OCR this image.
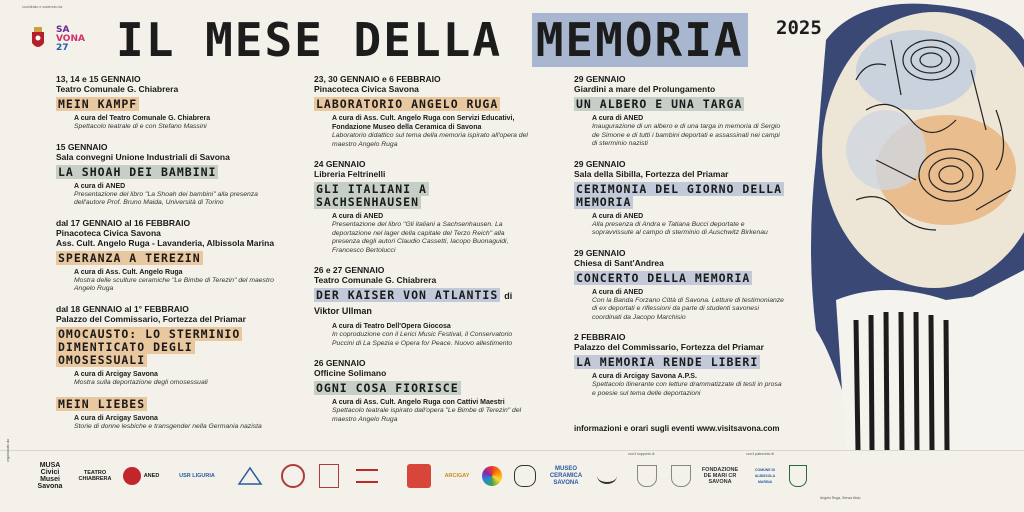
coordinato e sostenuto da
SA
VONA
27	IL MESE DELLA MEMORIA 2025
13, 14 e 15 GENNAIO
Teatro Comunale G. Chiabrera
MEIN KAMPF
A cura del Teatro Comunale G. Chiabrera
Spettacolo teatrale di e con Stefano Massini
15 GENNAIO
Sala convegni Unione Industriali di Savona
LA SHOAH DEI BAMBINI
A cura di ANED
Presentazione del libro "La Shoah dei bambini" alla presenza dell'autore Prof. Bruno Maida, Università di Torino
dal 17 GENNAIO al 16 FEBBRAIO
Pinacoteca Civica Savona
Ass. Cult. Angelo Ruga - Lavanderia, Albissola Marina
SPERANZA A TEREZIN
A cura di Ass. Cult. Angelo Ruga
Mostra delle sculture ceramiche "Le Bimbe di Terezin" del maestro Angelo Ruga
dal 18 GENNAIO al 1° FEBBRAIO
Palazzo del Commissario, Fortezza del Priamar
OMOCAUSTO: LO STERMINIO DIMENTICATO DEGLI OMOSESSUALI
A cura di Arcigay Savona
Mostra sulla deportazione degli omosessuali
MEIN LIEBES
A cura di Arcigay Savona
Storie di donne lesbiche e transgender nella Germania nazista
23, 30 GENNAIO e 6 FEBBRAIO
Pinacoteca Civica Savona
LABORATORIO ANGELO RUGA
A cura di Ass. Cult. Angelo Ruga con Servizi Educativi, Fondazione Museo della Ceramica di Savona
Laboratorio didattico sul tema della memoria ispirato all'opera del maestro Angelo Ruga
24 GENNAIO
Libreria Feltrinelli
GLI ITALIANI A SACHSENHAUSEN
A cura di ANED
Presentazione del libro "Gli italiani a Sachsenhausen. La deportazione nel lager della capitale del Terzo Reich" alla presenza degli autori Claudio Cassetti, Iacopo Buonaguidi, Francesco Bertolucci
26 e 27 GENNAIO
Teatro Comunale G. Chiabrera
DER KAISER VON ATLANTIS di Viktor Ullman
A cura di Teatro Dell'Opera Giocosa
In coproduzione con il Lerici Music Festival, il Conservatorio Puccini di La Spezia e Opera for Peace. Nuovo allestimento
26 GENNAIO
Officine Solimano
OGNI COSA FIORISCE
A cura di Ass. Cult. Angelo Ruga con Cattivi Maestri
Spettacolo teatrale ispirato dall'opera "Le Bimbe di Terezin" del maestro Angelo Ruga
29 GENNAIO
Giardini a mare del Prolungamento
UN ALBERO E UNA TARGA
A cura di ANED
Inaugurazione di un albero e di una targa in memoria di Sergio de Simone e di tutti i bambini deportati e assassinati nei campi di sterminio nazisti
29 GENNAIO
Sala della Sibilla, Fortezza del Priamar
CERIMONIA DEL GIORNO DELLA MEMORIA
A cura di ANED
Alla presenza di Andra e Tatiana Bucci deportate e sopravvissute al campo di sterminio di Auschwitz Birkenau
29 GENNAIO
Chiesa di Sant'Andrea
CONCERTO DELLA MEMORIA
A cura di ANED
Con la Banda Forzano Città di Savona. Letture di testimonianze di ex deportati e riflessioni da parte di studenti savonesi coordinati da Jacopo Marchisio
2 FEBBRAIO
Palazzo del Commissario, Fortezza del Priamar
LA MEMORIA RENDE LIBERI
A cura di Arcigay Savona A.P.S.
Spettacolo itinerante con letture drammatizzate di testi in prosa e poesie sul tema delle deportazioni
informazioni e orari sugli eventi www.visitsavona.com
organizzato da
MUSA Civici Musei Savona
TEATRO CHIABRERA	ANED	USR LIGURIA	ARCIGAY
MUSEO CERAMICA SAVONA
con il supporto di
FONDAZIONE DE MARI CR SAVONA
con il patrocinio di
COMUNE DI ALBISSOLA MARINA
Angelo Ruga, Senza titolo
